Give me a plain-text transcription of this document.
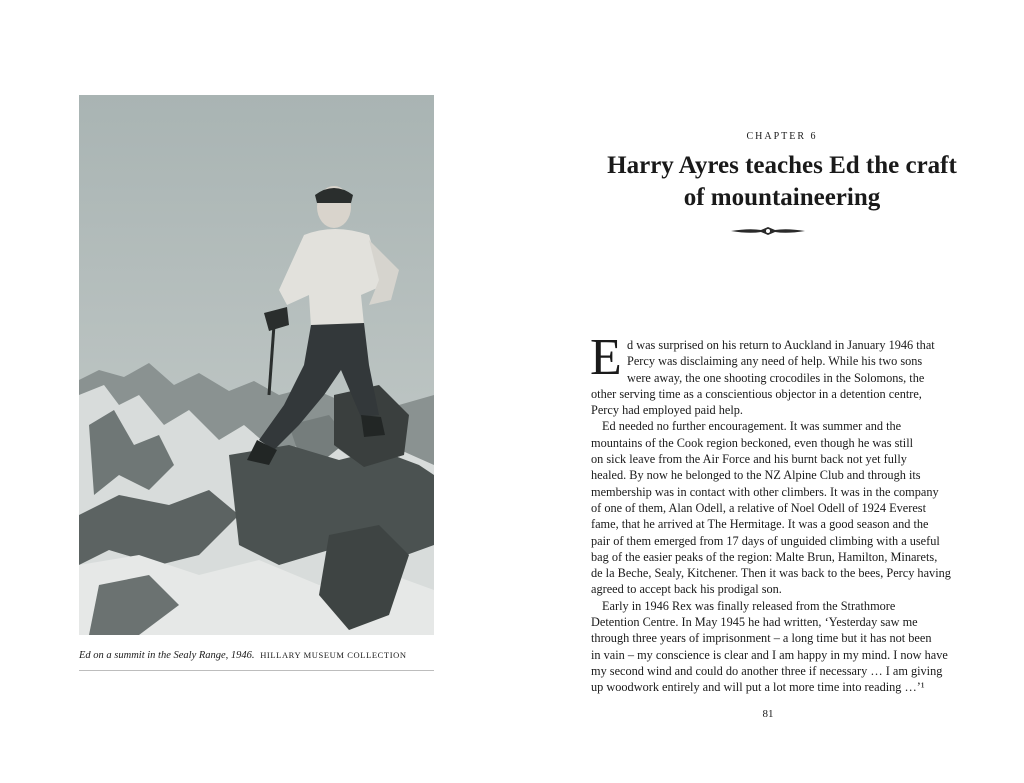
Ed on a summit in the Sealy Range, 1946. HILLARY MUSEUM COLLECTION
CHAPTER 6
Harry Ayres teaches Ed the craft
of mountaineering
E d was surprised on his return to Auckland in January 1946 that

Percy was disclaiming any need of help. While his two sons

were away, the one shooting crocodiles in the Solomons, the

other serving time as a conscientious objector in a detention centre,

Percy had employed paid help.

Ed needed no further encouragement. It was summer and the

mountains of the Cook region beckoned, even though he was still

on sick leave from the Air Force and his burnt back not yet fully

healed. By now he belonged to the NZ Alpine Club and through its

membership was in contact with other climbers. It was in the company

of one of them, Alan Odell, a relative of Noel Odell of 1924 Everest

fame, that he arrived at The Hermitage. It was a good season and the

pair of them emerged from 17 days of unguided climbing with a useful

bag of the easier peaks of the region: Malte Brun, Hamilton, Minarets,

de la Beche, Sealy, Kitchener. Then it was back to the bees, Percy having

agreed to accept back his prodigal son.

Early in 1946 Rex was finally released from the Strathmore

Detention Centre. In May 1945 he had written, ‘Yesterday saw me

through three years of imprisonment – a long time but it has not been

in vain – my conscience is clear and I am happy in my mind. I now have

my second wind and could do another three if necessary … I am giving

up woodwork entirely and will put a lot more time into reading …’¹

81
